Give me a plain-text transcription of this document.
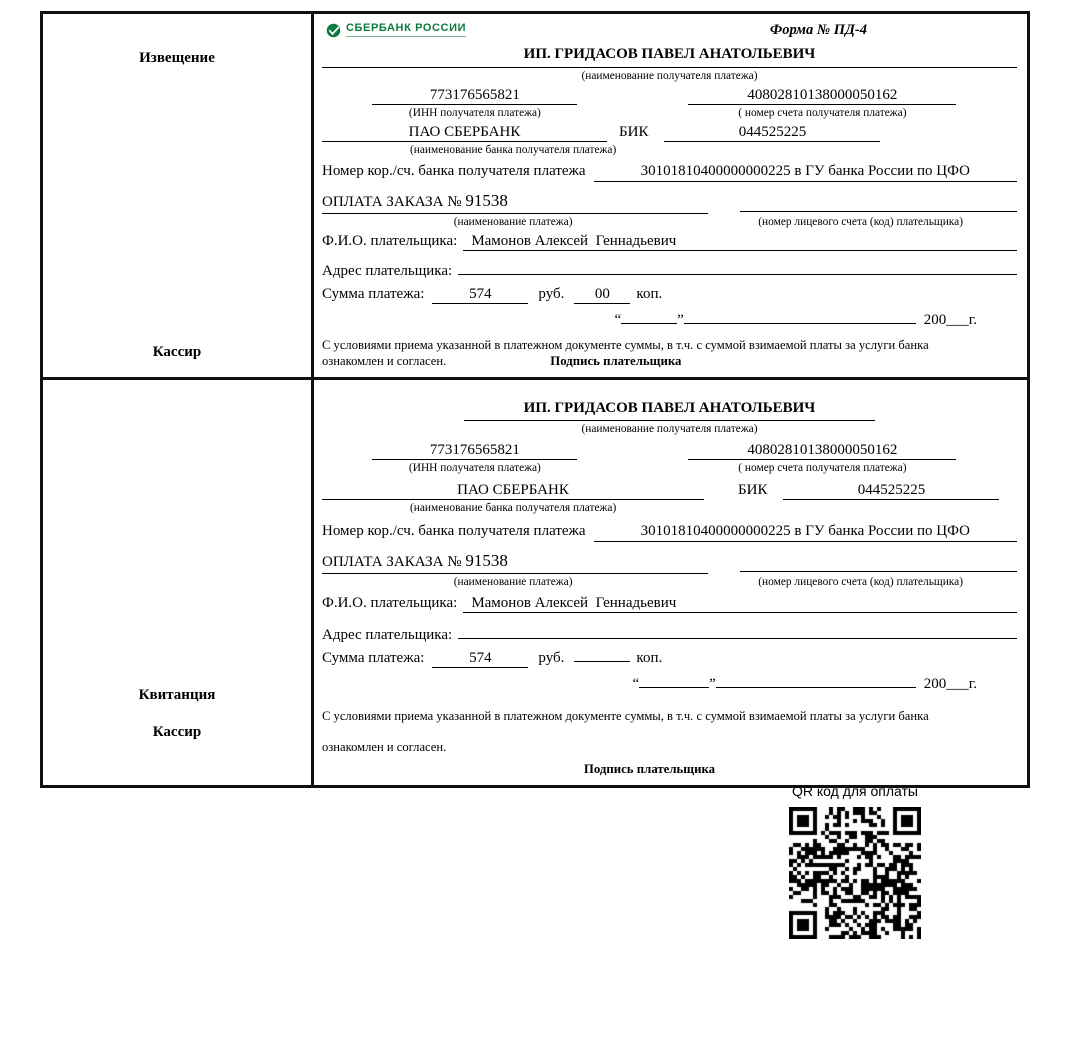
Извещение
Кассир
СБЕРБАНК РОССИИ	Форма № ПД-4
ИП. ГРИДАСОВ ПАВЕЛ АНАТОЛЬЕВИЧ
(наименование получателя платежа)
773176565821	40802810138000050162
(ИНН получателя платежа)	( номер счета получателя платежа)
ПАО СБЕРБАНК	БИК	044525225
(наименование банка получателя платежа)
Номер кор./сч. банка получателя платежа	30101810400000000225 в ГУ банка России по ЦФО
ОПЛАТА ЗАКАЗА № 91538
(наименование платежа)	(номер лицевого счета (код) плательщика)
Ф.И.О. плательщика: Мамонов Алексей  Геннадьевич
Адрес плательщика:
Сумма платежа:	574	руб.	00	коп.
“	”	200___г.
С условиями приема указанной в платежном документе суммы, в т.ч. с суммой взимаемой платы за услуги банка
ознакомлен и согласен.	Подпись плательщика
Квитанция
Кассир
ИП. ГРИДАСОВ ПАВЕЛ АНАТОЛЬЕВИЧ
(наименование получателя платежа)
773176565821	40802810138000050162
(ИНН получателя платежа)	( номер счета получателя платежа)
ПАО СБЕРБАНК	БИК	044525225
(наименование банка получателя платежа)
Номер кор./сч. банка получателя платежа	30101810400000000225 в ГУ банка России по ЦФО
ОПЛАТА ЗАКАЗА № 91538
(наименование платежа)	(номер лицевого счета (код) плательщика)
Ф.И.О. плательщика: Мамонов Алексей  Геннадьевич
Адрес плательщика:
Сумма платежа:	574	руб.	коп.
“	”	200___г.
С условиями приема указанной в платежном документе суммы, в т.ч. с суммой взимаемой платы за услуги банка
ознакомлен и согласен.
Подпись плательщика
QR код для оплаты
